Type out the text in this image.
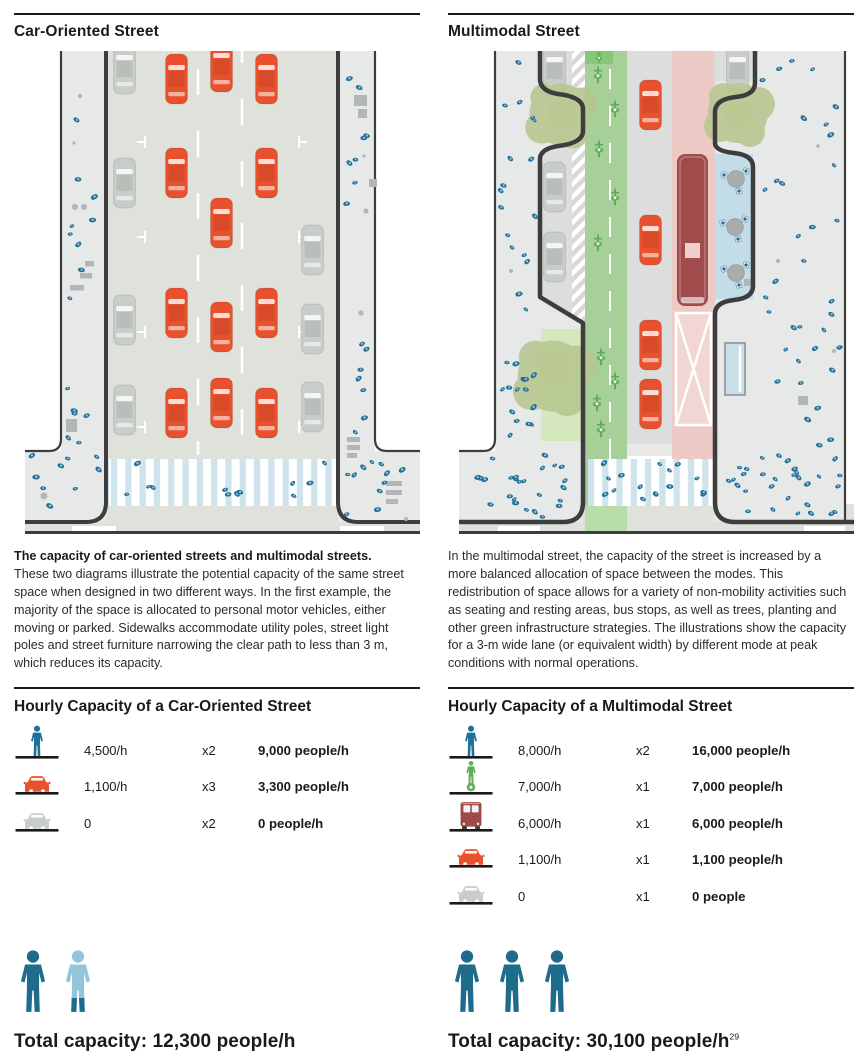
Car-Oriented Street

The capacity of car-oriented streets and multimodal streets.
These two diagrams illustrate the potential capacity of the same street space when designed in two different ways. In the first example, the majority of the space is allocated to personal motor vehicles, either moving or parked. Sidewalks accommodate utility poles, street light poles and street furniture narrowing the clear path to less than 3 m, which reduces its capacity.

Hourly Capacity of a Car-Oriented Street
4,500/h	x2	9,000 people/h
1,100/h	x3	3,300 people/h
0	x2	0 people/h
Total capacity: 12,300 people/h
Multimodal Street

In the multimodal street, the capacity of the street is increased by a more balanced allocation of space between the modes. This redistribution of space allows for a variety of non-mobility activities such as seating and resting areas, bus stops, as well as trees, planting and other green infrastructure strategies. The illustrations show the capacity for a 3-m wide lane (or equivalent width) by different mode at peak conditions with normal operations.

Hourly Capacity of a Multimodal Street
8,000/h	x2	16,000 people/h
7,000/h	x1	7,000 people/h
6,000/h	x1	6,000 people/h
1,100/h	x1	1,100 people/h
0	x1	0 people
Total capacity: 30,100 people/$h^{29}$
